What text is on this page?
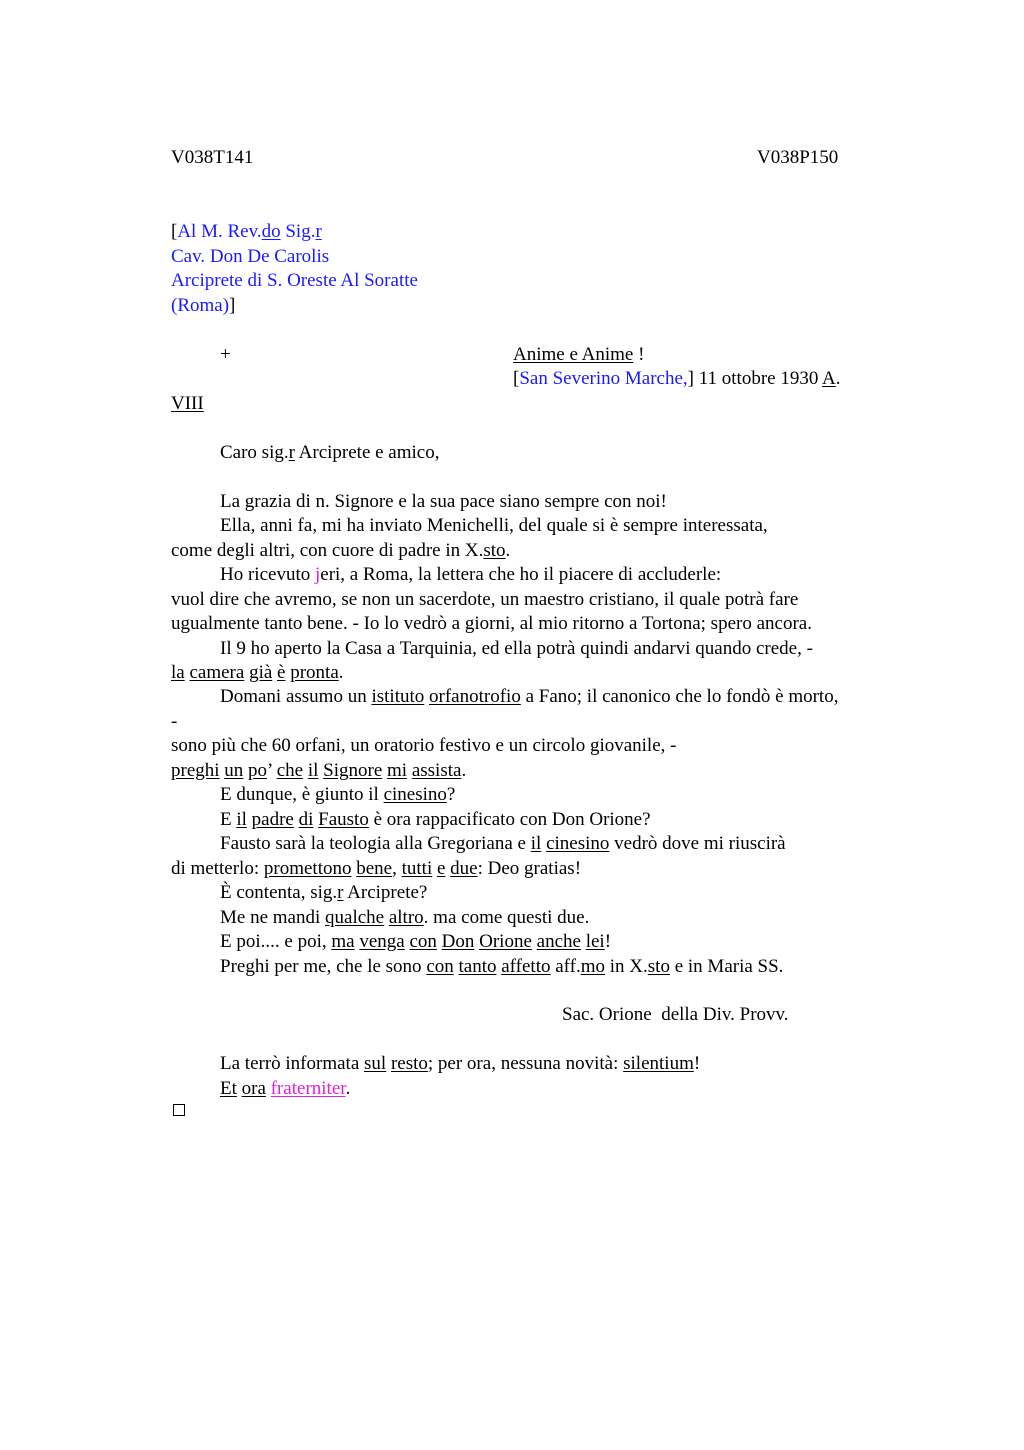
V038T141	V038P150
[Al M. Rev.do Sig.r
Cav. Don De Carolis
Arciprete di S. Oreste Al Soratte
(Roma)]
+	Anime e Anime !
[San Severino Marche,] 11 ottobre 1930 A.
VIII
Caro sig.r Arciprete e amico,
La grazia di n. Signore e la sua pace siano sempre con noi!
Ella, anni fa, mi ha inviato Menichelli, del quale si è sempre interessata,
come degli altri, con cuore di padre in X.sto.
Ho ricevuto jeri, a Roma, la lettera che ho il piacere di accluderle:
vuol dire che avremo, se non un sacerdote, un maestro cristiano, il quale potrà fare
ugualmente tanto bene. - Io lo vedrò a giorni, al mio ritorno a Tortona; spero ancora.
Il 9 ho aperto la Casa a Tarquinia, ed ella potrà quindi andarvi quando crede, -
la camera già è pronta.
Domani assumo un istituto orfanotrofio a Fano; il canonico che lo fondò è morto,
-
sono più che 60 orfani, un oratorio festivo e un circolo giovanile, -
preghi un po’ che il Signore mi assista.
E dunque, è giunto il cinesino?
E il padre di Fausto è ora rappacificato con Don Orione?
Fausto sarà la teologia alla Gregoriana e il cinesino vedrò dove mi riuscirà
di metterlo: promettono bene, tutti e due: Deo gratias!
È contenta, sig.r Arciprete?
Me ne mandi qualche altro. ma come questi due.
E poi.... e poi, ma venga con Don Orione anche lei!
Preghi per me, che le sono con tanto affetto aff.mo in X.sto e in Maria SS.
Sac. Orione  della Div. Provv.
La terrò informata sul resto; per ora, nessuna novità: silentium!
Et ora fraterniter.
